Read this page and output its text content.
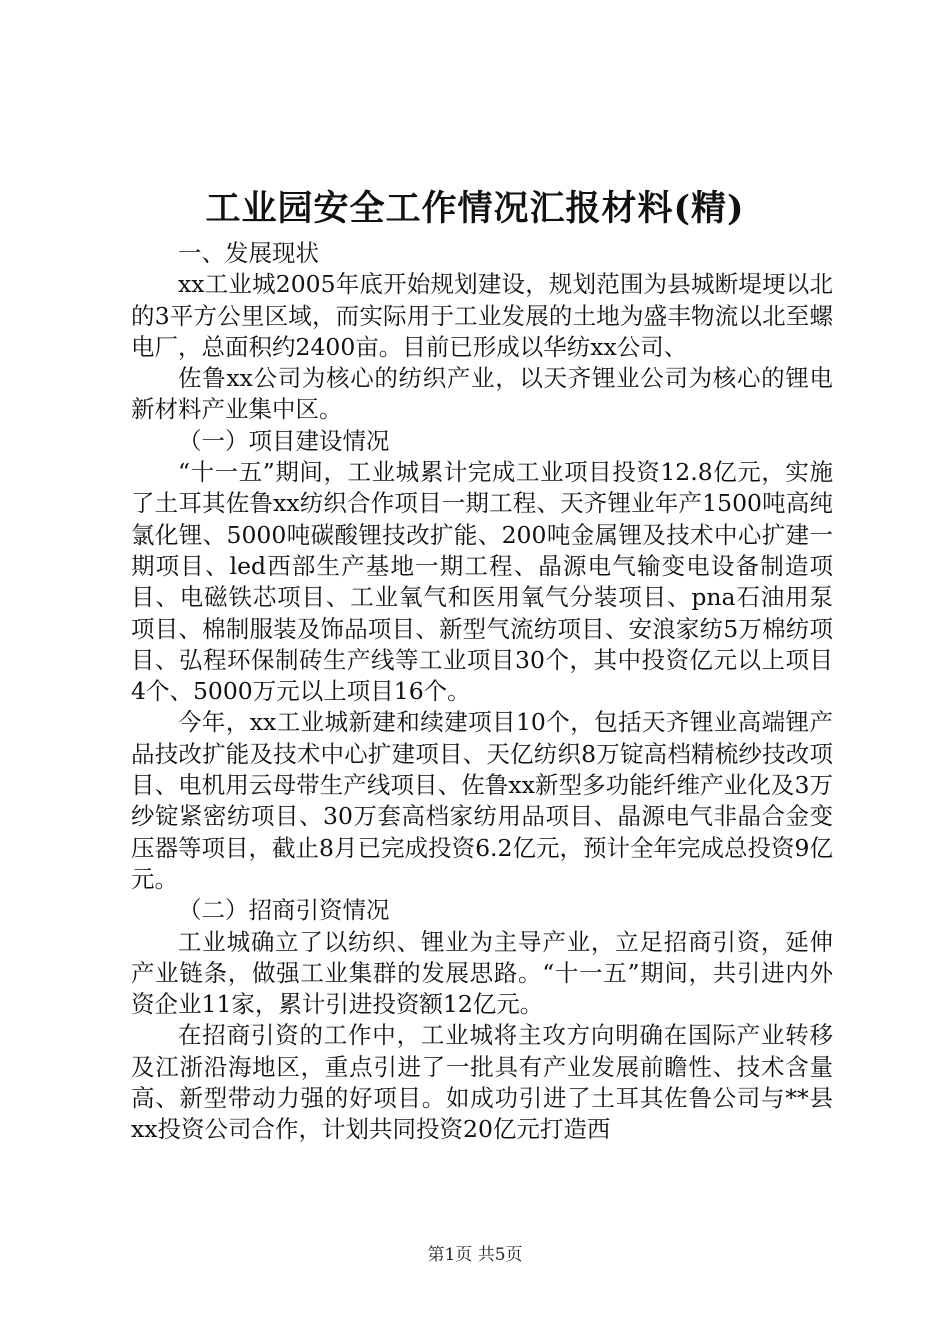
工业园安全工作情况汇报材料(精)

一、发展现状

xx工业城2005年底开始规划建设，规划范围为县城断堤埂以北的3平方公里区域，而实际用于工业发展的土地为盛丰物流以北至螺电厂，总面积约2400亩。目前已形成以华纺xx公司、

佐鲁xx公司为核心的纺织产业，以天齐锂业公司为核心的锂电新材料产业集中区。

（一）项目建设情况

“十一五”期间，工业城累计完成工业项目投资12.8亿元，实施了土耳其佐鲁xx纺织合作项目一期工程、天齐锂业年产1500吨高纯氯化锂、5000吨碳酸锂技改扩能、200吨金属锂及技术中心扩建一期项目、led西部生产基地一期工程、晶源电气输变电设备制造项目、电磁铁芯项目、工业氧气和医用氧气分装项目、pna石油用泵项目、棉制服装及饰品项目、新型气流纺项目、安浪家纺5万棉纺项目、弘程环保制砖生产线等工业项目30个，其中投资亿元以上项目4个、5000万元以上项目16个。

今年，xx工业城新建和续建项目10个，包括天齐锂业高端锂产品技改扩能及技术中心扩建项目、天亿纺织8万锭高档精梳纱技改项目、电机用云母带生产线项目、佐鲁xx新型多功能纤维产业化及3万纱锭紧密纺项目、30万套高档家纺用品项目、晶源电气非晶合金变压器等项目，截止8月已完成投资6.2亿元，预计全年完成总投资9亿元。

（二）招商引资情况

工业城确立了以纺织、锂业为主导产业，立足招商引资，延伸产业链条，做强工业集群的发展思路。“十一五”期间，共引进内外资企业11家，累计引进投资额12亿元。

在招商引资的工作中，工业城将主攻方向明确在国际产业转移及江浙沿海地区，重点引进了一批具有产业发展前瞻性、技术含量高、新型带动力强的好项目。如成功引进了土耳其佐鲁公司与**县xx投资公司合作，计划共同投资20亿元打造西

第1页 共5页
